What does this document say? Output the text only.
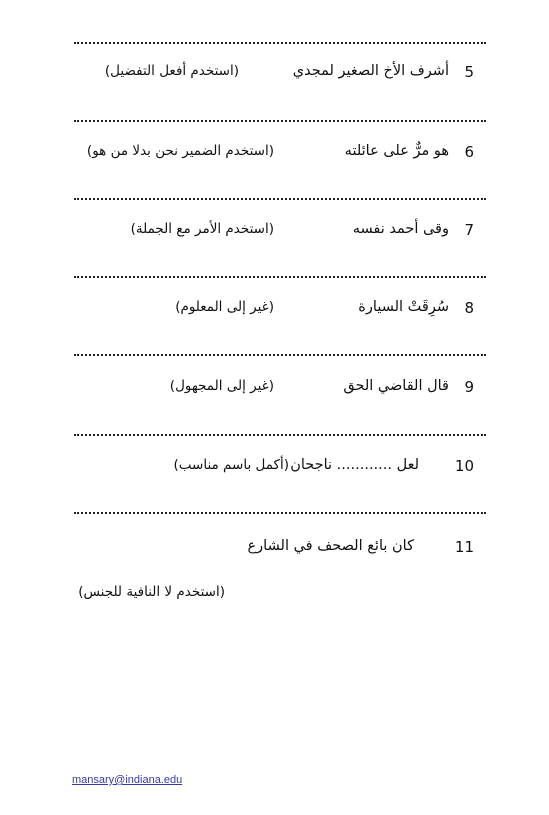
5
أشرف الأخ الصغير لمجدي
(استخدم أفعل التفضيل)
6
هو مرٌّ على عائلته
(استخدم الضمير نحن بدلا من هو)
7
وقى أحمد نفسه
(استخدم الأمر مع الجملة)
8
سُرِقَتْ السيارة
(غير إلى المعلوم)
9
قال القاضي الحق
(غير إلى المجهول)
10
لعل ............ ناجحان
(أكمل باسم مناسب)
11
كان بائع الصحف في الشارع
(استخدم لا النافية للجنس)
mansary@indiana.edu
